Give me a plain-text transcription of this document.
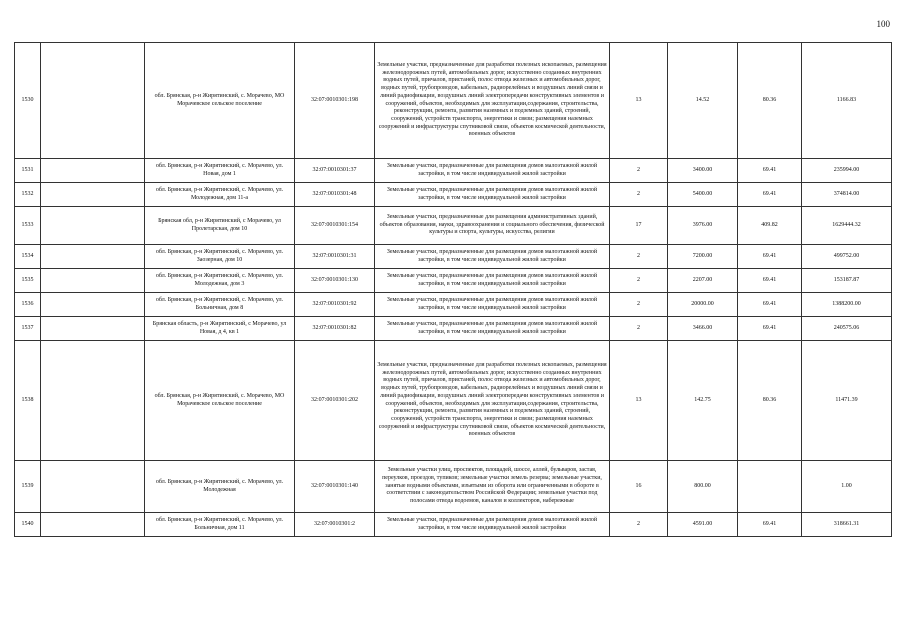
100
1530		обл. Брянская, р-н Жирятинский, с. Морачево, МО Морачевское сельское поселение	32:07:0010301:198	Земельные участки, предназначенные для разработки полезных ископаемых, размещения железнодорожных путей, автомобильных дорог, искусственно созданных внутренних водных путей, причалов, пристаней, полос отвода железных и автомобильных дорог, водных путей, трубопроводов, кабельных, радиорелейных и воздушных линий связи и линий радиофикации, воздушных линий электропередачи конструктивных элементов и сооружений, объектов, необходимых для эксплуатации,содержания, строительства, реконструкции, ремонта, развития наземных и подземных зданий, строений, сооружений, устройств транспорта, энергетики и связи; размещения наземных сооружений и инфраструктуры спутниковой связи, объектов космической деятельности, военных объектов	13	14.52	80.36	1166.83
1531		обл. Брянская, р-н Жирятинский, с. Морачево, ул. Новая, дом 1	32:07:0010301:37	Земельные участки, предназначенные для размещения домов малоэтажной жилой застройки, в том числе индивидуальной жилой застройки	2	3400.00	69.41	235994.00
1532		обл. Брянская, р-н Жирятинский, с. Морачево, ул. Молодежная, дом 11-а	32:07:0010301:48	Земельные участки, предназначенные для размещения домов малоэтажной жилой застройки, в том числе индивидуальной жилой застройки	2	5400.00	69.41	374814.00
1533		Брянская обл, р-н Жирятинский, с Морачево, ул Пролетарская, дом 10	32:07:0010301:154	Земельные участки, предназначенные для размещения административных зданий, объектов образования, науки, здравоохранения и социального обеспечения, физической культуры и спорта, культуры, искусства, религии	17	3976.00	409.82	1629444.32
1534		обл. Брянская, р-н Жирятинский, с. Морачево, ул. Заозерная, дом 10	32:07:0010301:31	Земельные участки, предназначенные для размещения домов малоэтажной жилой застройки, в том числе индивидуальной жилой застройки	2	7200.00	69.41	499752.00
1535		обл. Брянская, р-н Жирятинский, с. Морачево, ул. Молодежная, дом 3	32:07:0010301:130	Земельные участки, предназначенные для размещения домов малоэтажной жилой застройки, в том числе индивидуальной жилой застройки	2	2207.00	69.41	153187.87
1536		обл. Брянская, р-н Жирятинский, с. Морачево, ул. Больничная, дом 8	32:07:0010301:92	Земельные участки, предназначенные для размещения домов малоэтажной жилой застройки, в том числе индивидуальной жилой застройки	2	20000.00	69.41	1388200.00
1537		Брянская область, р-н Жирятинский, с Морачево, ул Новая, д 4, кв 1	32:07:0010301:82	Земельные участки, предназначенные для размещения домов малоэтажной жилой застройки, в том числе индивидуальной жилой застройки	2	3466.00	69.41	240575.06
1538		обл. Брянская, р-н Жирятинский, с. Морачево, МО Морачевское сельское поселение	32:07:0010301:202	Земельные участки, предназначенные для разработки полезных ископаемых, размещения железнодорожных путей, автомобильных дорог, искусственно созданных внутренних водных путей, причалов, пристаней, полос отвода железных и автомобильных дорог, водных путей, трубопроводов, кабельных, радиорелейных и воздушных линий связи и линий радиофикации, воздушных линий электропередачи конструктивных элементов и сооружений, объектов, необходимых для эксплуатации,содержания, строительства, реконструкции, ремонта, развития наземных и подземных зданий, строений, сооружений, устройств транспорта, энергетики и связи; размещения наземных сооружений и инфраструктуры спутниковой связи, объектов космической деятельности, военных объектов	13	142.75	80.36	11471.39
1539		обл. Брянская, р-н Жирятинский, с. Морачево, ул. Молодежная	32:07:0010301:140	Земельные участки улиц, проспектов, площадей, шоссе, аллей, бульваров, застав, переулков, проездов, тупиков; земельные участки земель резерва; земельные участки, занятые водными объектами, изъятыми из оборота или ограниченными в обороте в соответствии с законодательством Российской Федерации; земельные участки под полосами отвода водоемов, каналов и коллекторов, набережные	16	800.00		1.00
1540		обл. Брянская, р-н Жирятинский, с. Морачево, ул. Больничная, дом 11	32:07:0010301:2	Земельные участки, предназначенные для размещения домов малоэтажной жилой застройки, в том числе индивидуальной жилой застройки	2	4591.00	69.41	318661.31
